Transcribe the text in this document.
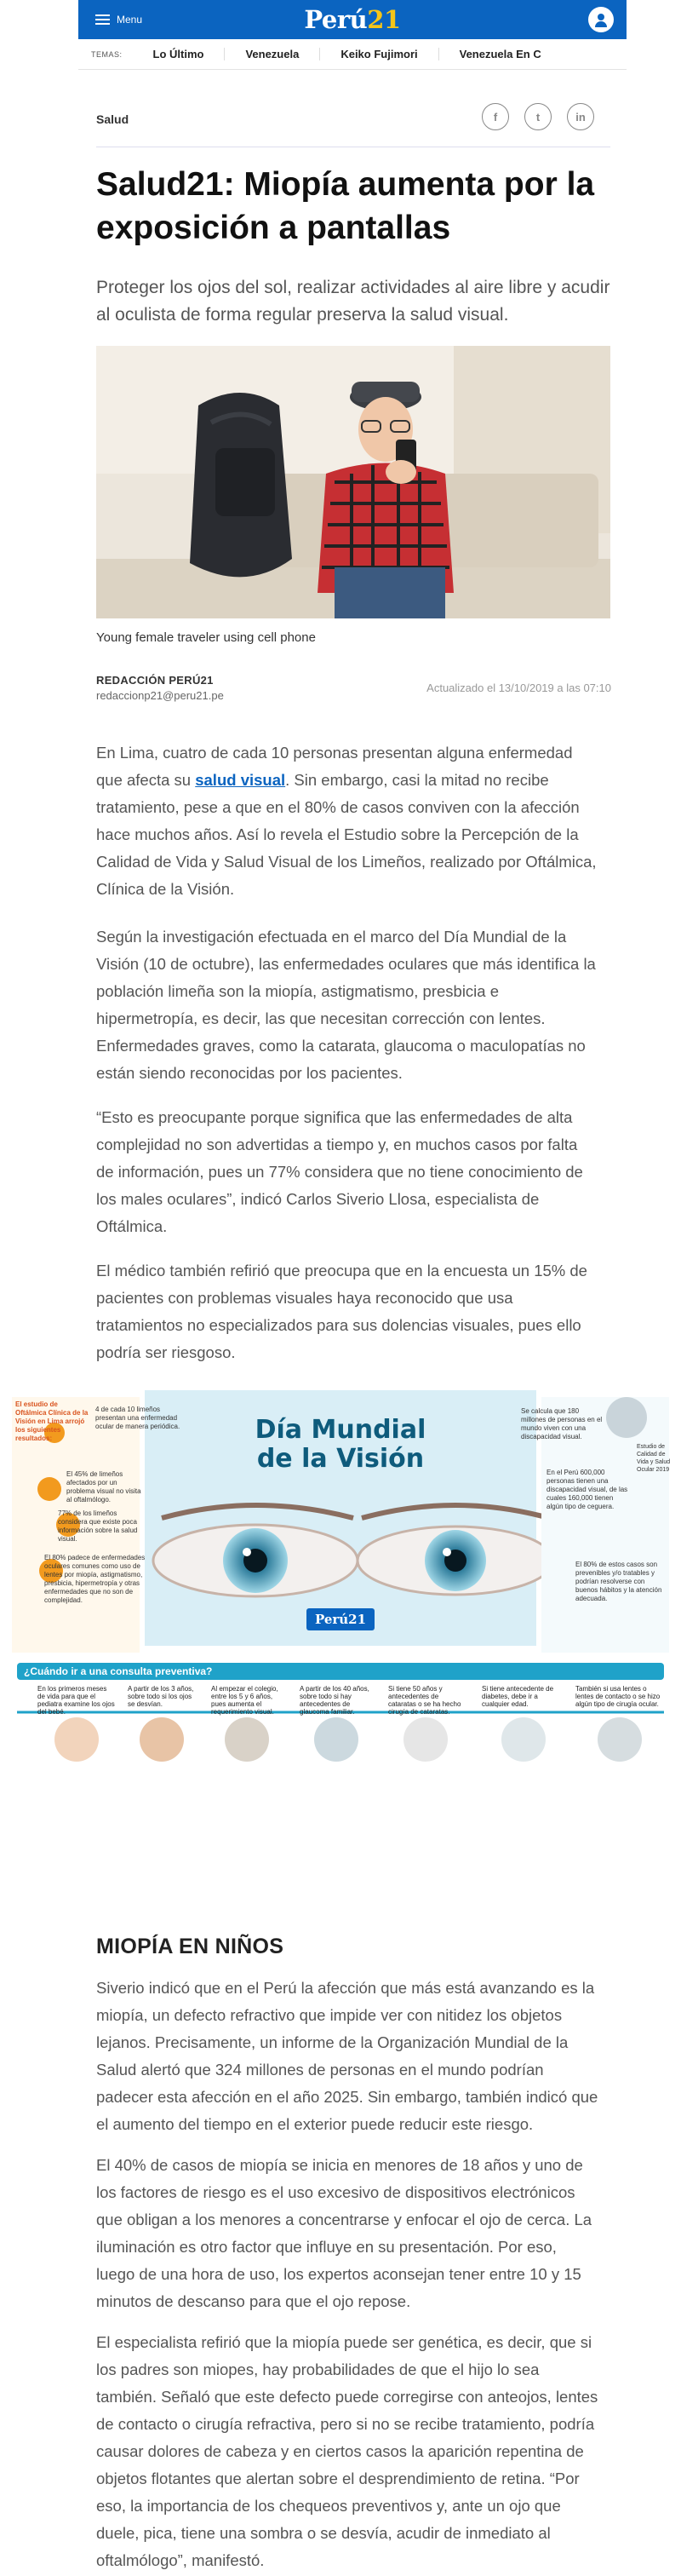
Menu	Perú21
TEMAS:	Lo Último	Venezuela	Keiko Fujimori	Venezuela En C
Salud	f	t	in
Salud21: Miopía aumenta por la exposición a pantallas

Proteger los ojos del sol, realizar actividades al aire libre y acudir al oculista de forma regular preserva la salud visual.

Young female traveler using cell phone
REDACCIÓN PERÚ21
redaccionp21@peru21.pe
Actualizado el 13/10/2019 a las 07:10

En Lima, cuatro de cada 10 personas presentan alguna enfermedad que afecta su salud visual. Sin embargo, casi la mitad no recibe tratamiento, pese a que en el 80% de casos conviven con la afección hace muchos años. Así lo revela el Estudio sobre la Percepción de la Calidad de Vida y Salud Visual de los Limeños, realizado por Oftálmica, Clínica de la Visión.

Según la investigación efectuada en el marco del Día Mundial de la Visión (10 de octubre), las enfermedades oculares que más identifica la población limeña son la miopía, astigmatismo, presbicia e hipermetropía, es decir, las que necesitan corrección con lentes. Enfermedades graves, como la catarata, glaucoma o maculopatías no están siendo reconocidas por los pacientes.

“Esto es preocupante porque significa que las enfermedades de alta complejidad no son advertidas a tiempo y, en muchos casos por falta de información, pues un 77% considera que no tiene conocimiento de los males oculares”, indicó Carlos Siverio Llosa, especialista de Oftálmica.

El médico también refirió que preocupa que en la encuesta un 15% de pacientes con problemas visuales haya reconocido que usa tratamientos no especializados para sus dolencias visuales, pues ello podría ser riesgoso.

Día Mundial
de la Visión
El estudio de Oftálmica Clínica de la Visión en Lima arrojó los siguientes resultados:
4 de cada 10 limeños presentan una enfermedad ocular de manera periódica.
El 45% de limeños afectados por un problema visual no visita al oftalmólogo.
77% de los limeños considera que existe poca información sobre la salud visual.
El 80% padece de enfermedades oculares comunes como uso de lentes por miopía, astigmatismo, presbicia, hipermetropía y otras enfermedades que no son de complejidad.
Se calcula que 180 millones de personas en el mundo viven con una discapacidad visual.
En el Perú 600,000 personas tienen una discapacidad visual, de las cuales 160,000 tienen algún tipo de ceguera.
El 80% de estos casos son prevenibles y/o tratables y podrían resolverse con buenos hábitos y la atención adecuada.
Estudio de Calidad de Vida y Salud Ocular 2019
Perú21
¿Cuándo ir a una consulta preventiva?
En los primeros meses de vida para que el pediatra examine los ojos del bebé.
A partir de los 3 años, sobre todo si los ojos se desvían.
Al empezar el colegio, entre los 5 y 6 años, pues aumenta el requerimiento visual.
A partir de los 40 años, sobre todo si hay antecedentes de glaucoma familiar.
Si tiene 50 años y antecedentes de cataratas o se ha hecho cirugía de cataratas.
Si tiene antecedente de diabetes, debe ir a cualquier edad.
También si usa lentes o lentes de contacto o se hizo algún tipo de cirugía ocular.
MIOPÍA EN NIÑOS

Siverio indicó que en el Perú la afección que más está avanzando es la miopía, un defecto refractivo que impide ver con nitidez los objetos lejanos. Precisamente, un informe de la Organización Mundial de la Salud alertó que 324 millones de personas en el mundo podrían padecer esta afección en el año 2025. Sin embargo, también indicó que el aumento del tiempo en el exterior puede reducir este riesgo.

El 40% de casos de miopía se inicia en menores de 18 años y uno de los factores de riesgo es el uso excesivo de dispositivos electrónicos que obligan a los menores a concentrarse y enfocar el ojo de cerca. La iluminación es otro factor que influye en su presentación. Por eso, luego de una hora de uso, los expertos aconsejan tener entre 10 y 15 minutos de descanso para que el ojo repose.

El especialista refirió que la miopía puede ser genética, es decir, que si los padres son miopes, hay probabilidades de que el hijo lo sea también. Señaló que este defecto puede corregirse con anteojos, lentes de contacto o cirugía refractiva, pero si no se recibe tratamiento, podría causar dolores de cabeza y en ciertos casos la aparición repentina de objetos flotantes que alertan sobre el desprendimiento de retina. “Por eso, la importancia de los chequeos preventivos y, ante un ojo que duele, pica, tiene una sombra o se desvía, acudir de inmediato al oftalmólogo”, manifestó.
